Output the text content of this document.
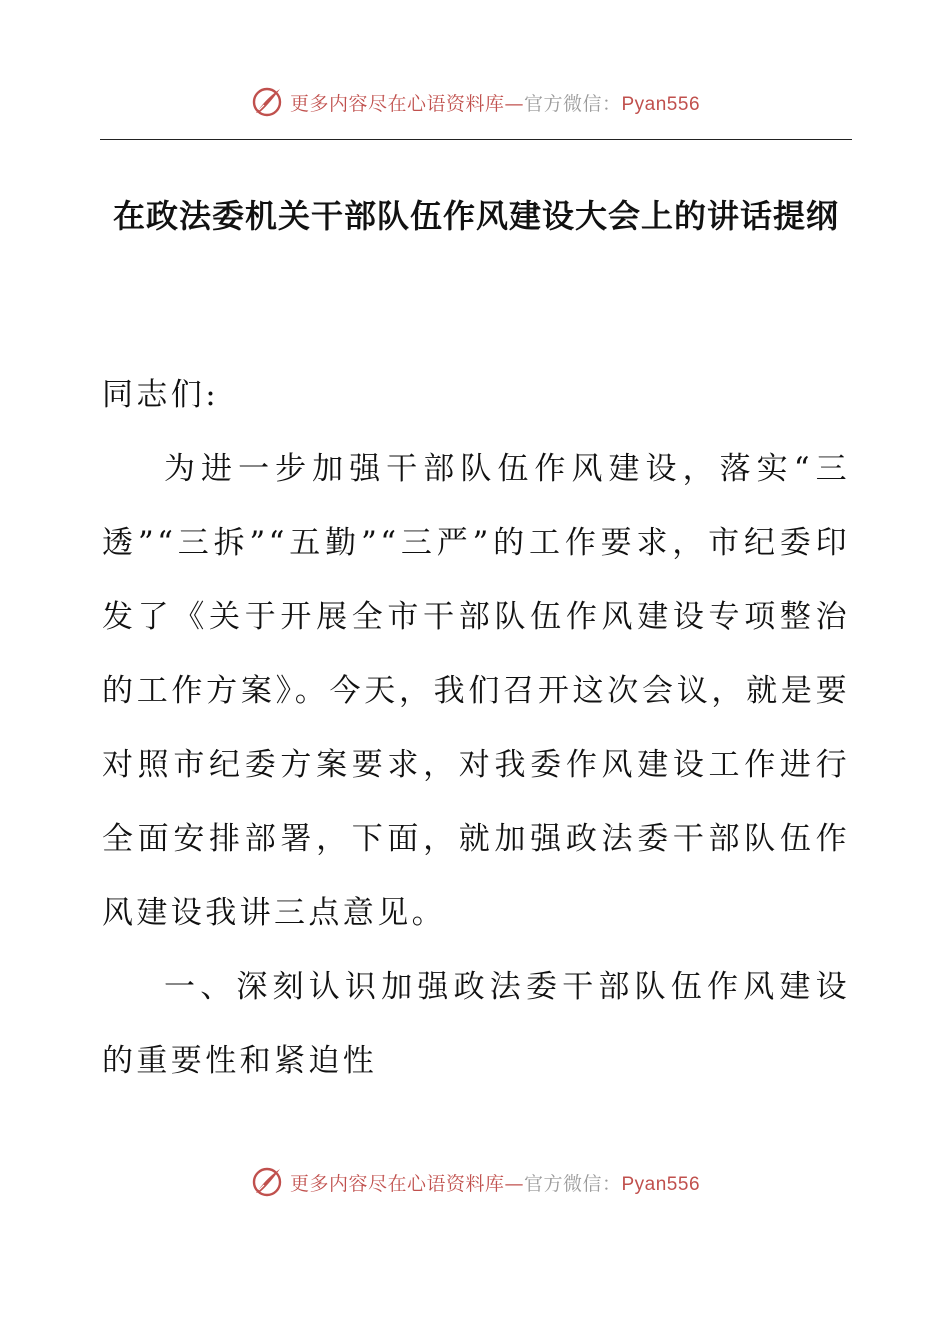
更多内容尽在心语资料库—官方微信：Pyan556
在政法委机关干部队伍作风建设大会上的讲话提纲

同志们:

为进一步加强干部队伍作风建设，落实“三透”“三拆”“五勤”“三严”的工作要求，市纪委印发了《关于开展全市干部队伍作风建设专项整治的工作方案》。今天，我们召开这次会议，就是要对照市纪委方案要求，对我委作风建设工作进行全面安排部署，下面，就加强政法委干部队伍作风建设我讲三点意见。

一、深刻认识加强政法委干部队伍作风建设的重要性和紧迫性

更多内容尽在心语资料库—官方微信：Pyan556
